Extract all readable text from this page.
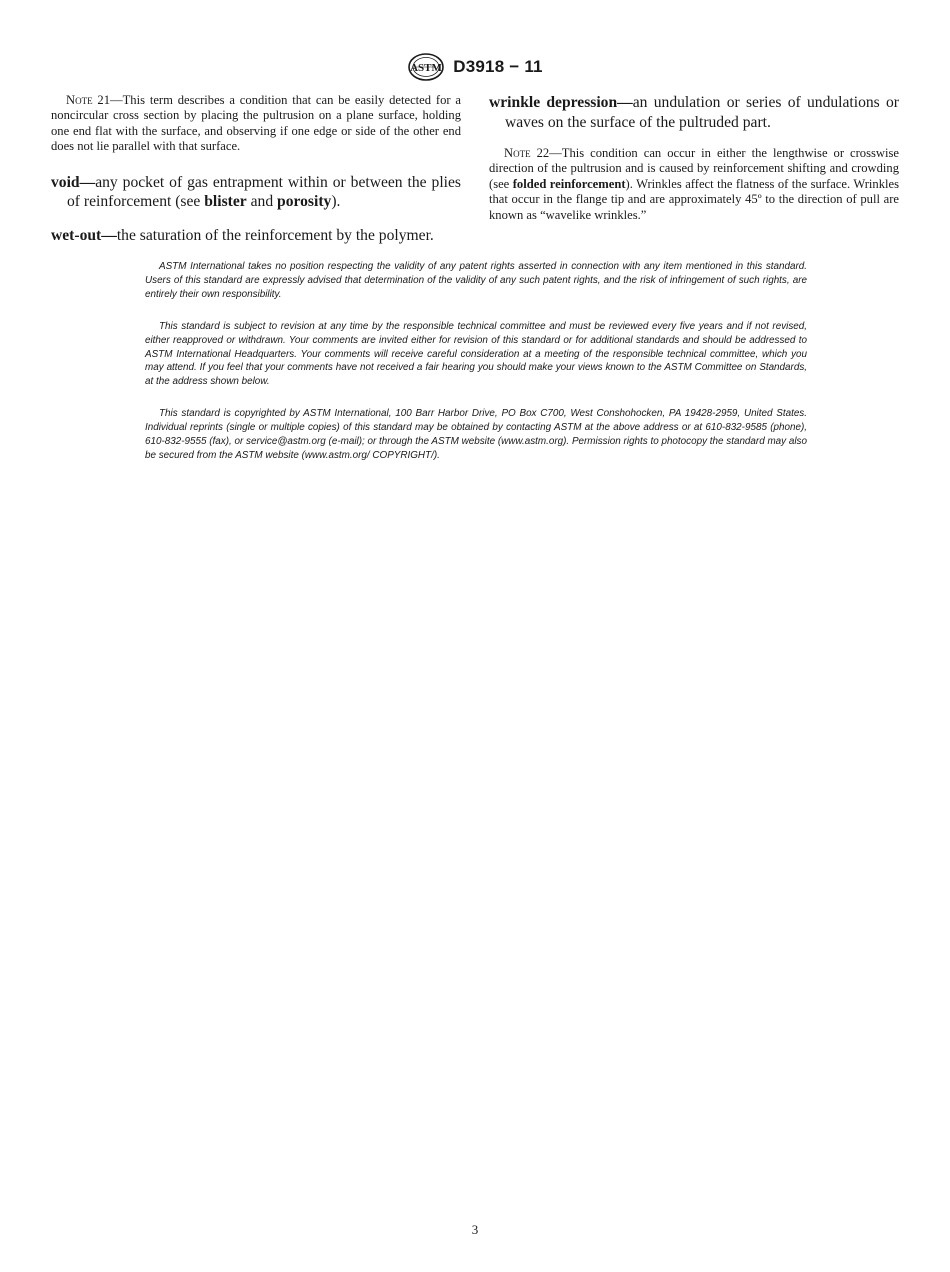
ASTM D3918 − 11

Note 21—This term describes a condition that can be easily detected for a noncircular cross section by placing the pultrusion on a plane surface, holding one end flat with the surface, and observing if one edge or side of the other end does not lie parallel with that surface.

void—any pocket of gas entrapment within or between the plies of reinforcement (see blister and porosity).

wet-out—the saturation of the reinforcement by the polymer.

wrinkle depression—an undulation or series of undulations or waves on the surface of the pultruded part.

Note 22—This condition can occur in either the lengthwise or crosswise direction of the pultrusion and is caused by reinforcement shifting and crowding (see folded reinforcement). Wrinkles affect the flatness of the surface. Wrinkles that occur in the flange tip and are approximately 45º to the direction of pull are known as “wavelike wrinkles.”

ASTM International takes no position respecting the validity of any patent rights asserted in connection with any item mentioned in this standard. Users of this standard are expressly advised that determination of the validity of any such patent rights, and the risk of infringement of such rights, are entirely their own responsibility.

This standard is subject to revision at any time by the responsible technical committee and must be reviewed every five years and if not revised, either reapproved or withdrawn. Your comments are invited either for revision of this standard or for additional standards and should be addressed to ASTM International Headquarters. Your comments will receive careful consideration at a meeting of the responsible technical committee, which you may attend. If you feel that your comments have not received a fair hearing you should make your views known to the ASTM Committee on Standards, at the address shown below.

This standard is copyrighted by ASTM International, 100 Barr Harbor Drive, PO Box C700, West Conshohocken, PA 19428-2959, United States. Individual reprints (single or multiple copies) of this standard may be obtained by contacting ASTM at the above address or at 610-832-9585 (phone), 610-832-9555 (fax), or service@astm.org (e-mail); or through the ASTM website (www.astm.org). Permission rights to photocopy the standard may also be secured from the ASTM website (www.astm.org/ COPYRIGHT/).

3
